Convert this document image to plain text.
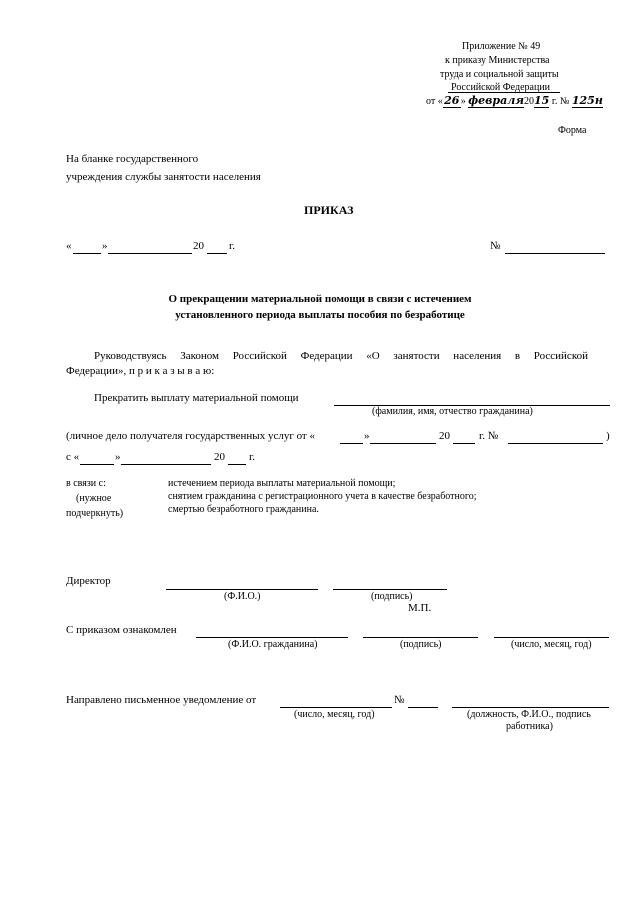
Приложение № 49
к приказу Министерства
труда и социальной защиты
Российской Федерации
от «26» февраля2015 г. № 125н
Форма
На бланке государственного
учреждения службы занятости населения
ПРИКАЗ
«	»	20 г.	№
О прекращении материальной помощи в связи с истечением
установленного периода выплаты пособия по безработице
Руководствуясь Законом Российской Федерации «О занятости населения в Российской
Федерации», п р и к а з ы в а ю:
Прекратить выплату материальной помощи
(фамилия, имя, отчество гражданина)
(личное дело получателя государственных услуг от «	»	20	г. №	)
с «	»	20 г.
в связи с:
(нужное
подчеркнуть)
истечением периода выплаты материальной помощи;
снятием гражданина с регистрационного учета в качестве безработного;
смертью безработного гражданина.
Директор
(Ф.И.О.)	(подпись)
М.П.
С приказом ознакомлен
(Ф.И.О. гражданина)	(подпись)	(число, месяц, год)
Направлено письменное уведомление от
(число, месяц, год)
№
(должность, Ф.И.О., подпись
работника)
